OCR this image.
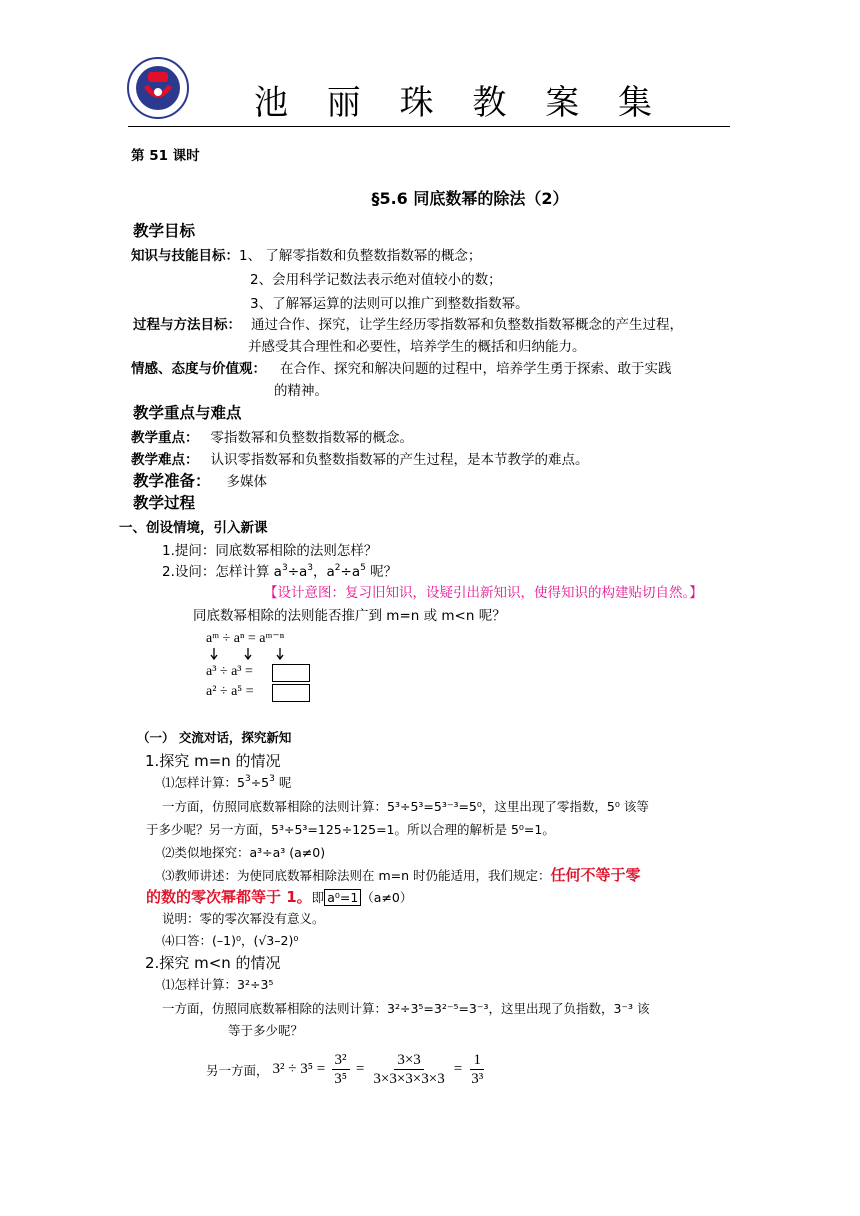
池 丽 珠 教 案 集
第 51 课时
§5.6 同底数幂的除法（2）
教学目标
知识与技能目标：1、 了解零指数和负整数指数幂的概念；
2、会用科学记数法表示绝对值较小的数；
3、了解幂运算的法则可以推广到整数指数幂。
过程与方法目标： 通过合作、探究，让学生经历零指数幂和负整数指数幂概念的产生过程，
并感受其合理性和必要性，培养学生的概括和归纳能力。
情感、态度与价值观： 在合作、探究和解决问题的过程中，培养学生勇于探索、敢于实践
的精神。
教学重点与难点
教学重点： 零指数幂和负整数指数幂的概念。
教学难点： 认识零指数幂和负整数指数幂的产生过程，是本节教学的难点。
教学准备： 多媒体
教学过程
一、创设情境，引入新课
1.提问：同底数幂相除的法则怎样？
2.设问：怎样计算 $a^3\div a^3$，$a^2\div a^5$ 呢？
【设计意图：复习旧知识，设疑引出新知识，使得知识的构建贴切自然。】
同底数幂相除的法则能否推广到 m=n 或 m<n 呢？
aᵐ ÷ aⁿ = aᵐ⁻ⁿ
a³ ÷ a³ =
a² ÷ a⁵ =
（一） 交流对话，探究新知
1.探究 m=n 的情况
⑴怎样计算：$5^3\div 5^3$ 呢
一方面，仿照同底数幂相除的法则计算：5³÷5³=5³⁻³=5⁰，这里出现了零指数，5⁰ 该等
于多少呢？另一方面，5³÷5³=125÷125=1。所以合理的解析是 5⁰=1。
⑵类似地探究：a³÷a³ (a≠0)
⑶教师讲述：为使同底数幂相除法则在 m=n 时仍能适用，我们规定：任何不等于零
的数的零次幂都等于 1。即 a⁰=1 （a≠0）
说明：零的零次幂没有意义。
⑷口答：(–1)⁰，(√3–2)⁰
2.探究 m<n 的情况
⑴怎样计算：3²÷3⁵
一方面，仿照同底数幂相除的法则计算：3²÷3⁵=3²⁻⁵=3⁻³，这里出现了负指数，3⁻³ 该
等于多少呢？
另一方面， $3^2 \div 3^5 = \frac{\text{3²}}{\text{3⁵}} = \frac{3\times 3}{3\times 3\times 3\times 3\times 3} = \frac{1}{\text{3³}}$
